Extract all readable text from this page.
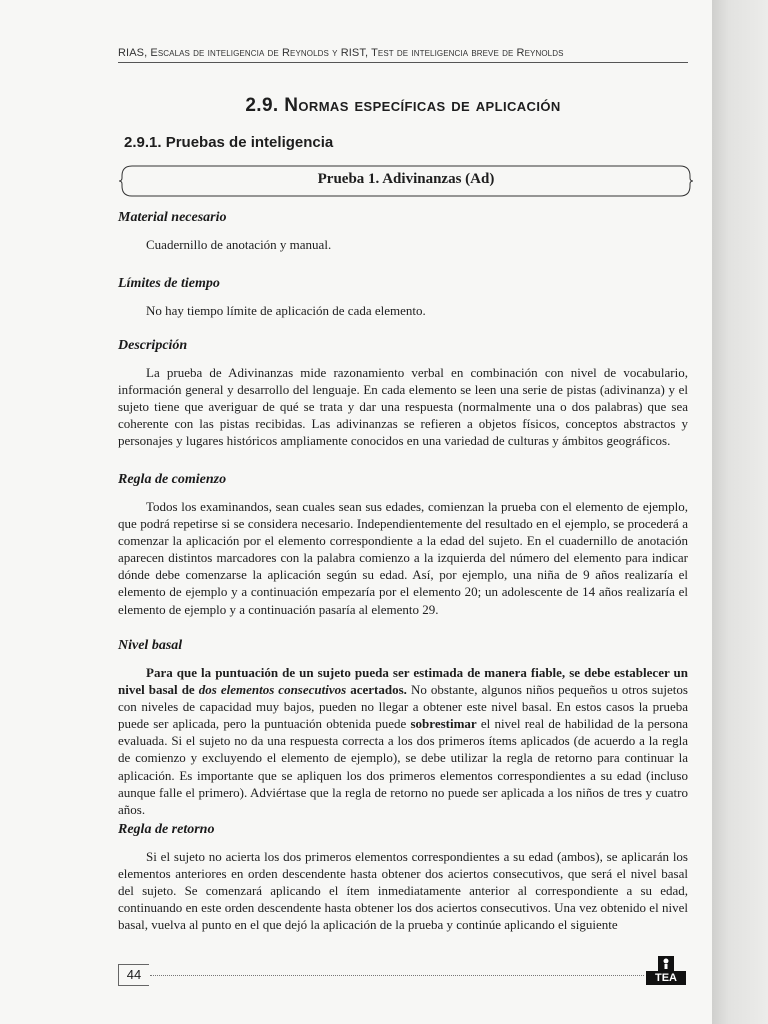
RIAS, Escalas de inteligencia de Reynolds y RIST, Test de inteligencia breve de Reynolds
2.9. Normas específicas de aplicación
2.9.1. Pruebas de inteligencia
Prueba 1. Adivinanzas (Ad)
Material necesario

Cuadernillo de anotación y manual.

Límites de tiempo

No hay tiempo límite de aplicación de cada elemento.

Descripción

La prueba de Adivinanzas mide razonamiento verbal en combinación con nivel de vocabulario, información general y desarrollo del lenguaje. En cada elemento se leen una serie de pistas (adivinanza) y el sujeto tiene que averiguar de qué se trata y dar una respuesta (normalmente una o dos palabras) que sea coherente con las pistas recibidas. Las adivinanzas se refieren a objetos físicos, conceptos abstractos y personajes y lugares históricos ampliamente conocidos en una variedad de culturas y ámbitos geográficos.

Regla de comienzo

Todos los examinandos, sean cuales sean sus edades, comienzan la prueba con el elemento de ejemplo, que podrá repetirse si se considera necesario. Independientemente del resultado en el ejemplo, se procederá a comenzar la aplicación por el elemento correspondiente a la edad del sujeto. En el cuadernillo de anotación aparecen distintos marcadores con la palabra comienzo a la izquierda del número del elemento para indicar dónde debe comenzarse la aplicación según su edad. Así, por ejemplo, una niña de 9 años realizaría el elemento de ejemplo y a continuación empezaría por el elemento 20; un adolescente de 14 años realizaría el elemento de ejemplo y a continuación pasaría al elemento 29.

Nivel basal

Para que la puntuación de un sujeto pueda ser estimada de manera fiable, se debe establecer un nivel basal de dos elementos consecutivos acertados. No obstante, algunos niños pequeños u otros sujetos con niveles de capacidad muy bajos, pueden no llegar a obtener este nivel basal. En estos casos la prueba puede ser aplicada, pero la puntuación obtenida puede sobrestimar el nivel real de habilidad de la persona evaluada. Si el sujeto no da una respuesta correcta a los dos primeros ítems aplicados (de acuerdo a la regla de comienzo y excluyendo el elemento de ejemplo), se debe utilizar la regla de retorno para continuar la aplicación. Es importante que se apliquen los dos primeros elementos correspondientes a su edad (incluso aunque falle el primero). Adviértase que la regla de retorno no puede ser aplicada a los niños de tres y cuatro años.

Regla de retorno

Si el sujeto no acierta los dos primeros elementos correspondientes a su edad (ambos), se aplicarán los elementos anteriores en orden descendente hasta obtener dos aciertos consecutivos, que será el nivel basal del sujeto. Se comenzará aplicando el ítem inmediatamente anterior al correspondiente a su edad, continuando en este orden descendente hasta obtener los dos aciertos consecutivos. Una vez obtenido el nivel basal, vuelva al punto en el que dejó la aplicación de la prueba y continúe aplicando el siguiente

44	TEA
